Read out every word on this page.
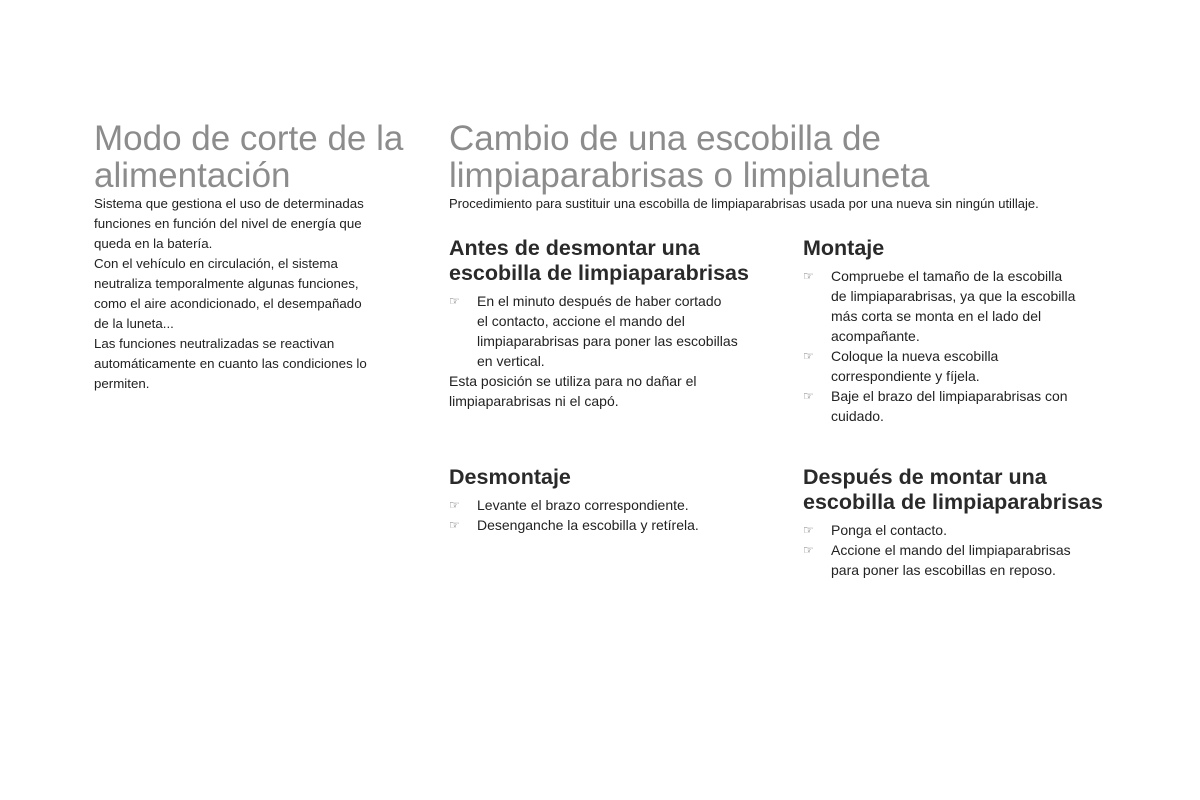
Modo de corte de la
alimentación

Sistema que gestiona el uso de determinadas
funciones en función del nivel de energía que
queda en la batería.
Con el vehículo en circulación, el sistema
neutraliza temporalmente algunas funciones,
como el aire acondicionado, el desempañado
de la luneta...
Las funciones neutralizadas se reactivan
automáticamente en cuanto las condiciones lo
permiten.

Cambio de una escobilla de
limpiaparabrisas o limpialuneta

Procedimiento para sustituir una escobilla de limpiaparabrisas usada por una nueva sin ningún utillaje.

Antes de desmontar una
escobilla de limpiaparabrisas
☞ En el minuto después de haber cortado
el contacto, accione el mando del
limpiaparabrisas para poner las escobillas
en vertical.

Esta posición se utiliza para no dañar el
limpiaparabrisas ni el capó.

Desmontaje
☞ Levante el brazo correspondiente.
☞ Desenganche la escobilla y retírela.
Montaje
☞ Compruebe el tamaño de la escobilla
de limpiaparabrisas, ya que la escobilla
más corta se monta en el lado del
acompañante.
☞ Coloque la nueva escobilla
correspondiente y fíjela.
☞ Baje el brazo del limpiaparabrisas con
cuidado.
Después de montar una
escobilla de limpiaparabrisas
☞ Ponga el contacto.
☞ Accione el mando del limpiaparabrisas
para poner las escobillas en reposo.
